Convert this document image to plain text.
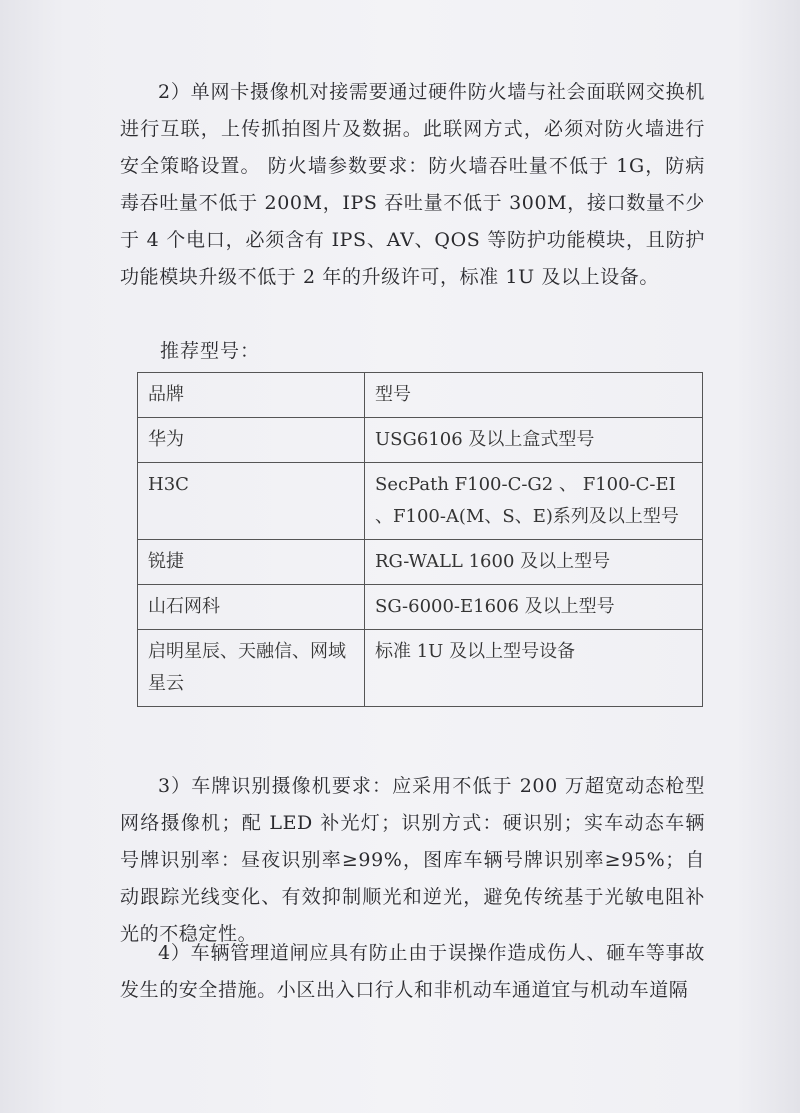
2）单网卡摄像机对接需要通过硬件防火墙与社会面联网交换机进行互联，上传抓拍图片及数据。此联网方式，必须对防火墙进行安全策略设置。 防火墙参数要求：防火墙吞吐量不低于 1G，防病毒吞吐量不低于 200M，IPS 吞吐量不低于 300M，接口数量不少于 4 个电口，必须含有 IPS、AV、QOS 等防护功能模块，且防护功能模块升级不低于 2 年的升级许可，标准 1U 及以上设备。

推荐型号：

品牌	型号
华为	USG6106 及以上盒式型号
H3C	SecPath F100-C-G2 、 F100-C-EI 、F100-A(M、S、E)系列及以上型号
锐捷	RG-WALL 1600 及以上型号
山石网科	SG-6000-E1606 及以上型号
启明星辰、天融信、网域星云	标准 1U 及以上型号设备

3）车牌识别摄像机要求：应采用不低于 200 万超宽动态枪型网络摄像机；配 LED 补光灯；识别方式：硬识别；实车动态车辆号牌识别率：昼夜识别率≥99%，图库车辆号牌识别率≥95%；自动跟踪光线变化、有效抑制顺光和逆光，避免传统基于光敏电阻补光的不稳定性。

4）车辆管理道闸应具有防止由于误操作造成伤人、砸车等事故发生的安全措施。小区出入口行人和非机动车通道宜与机动车道隔
